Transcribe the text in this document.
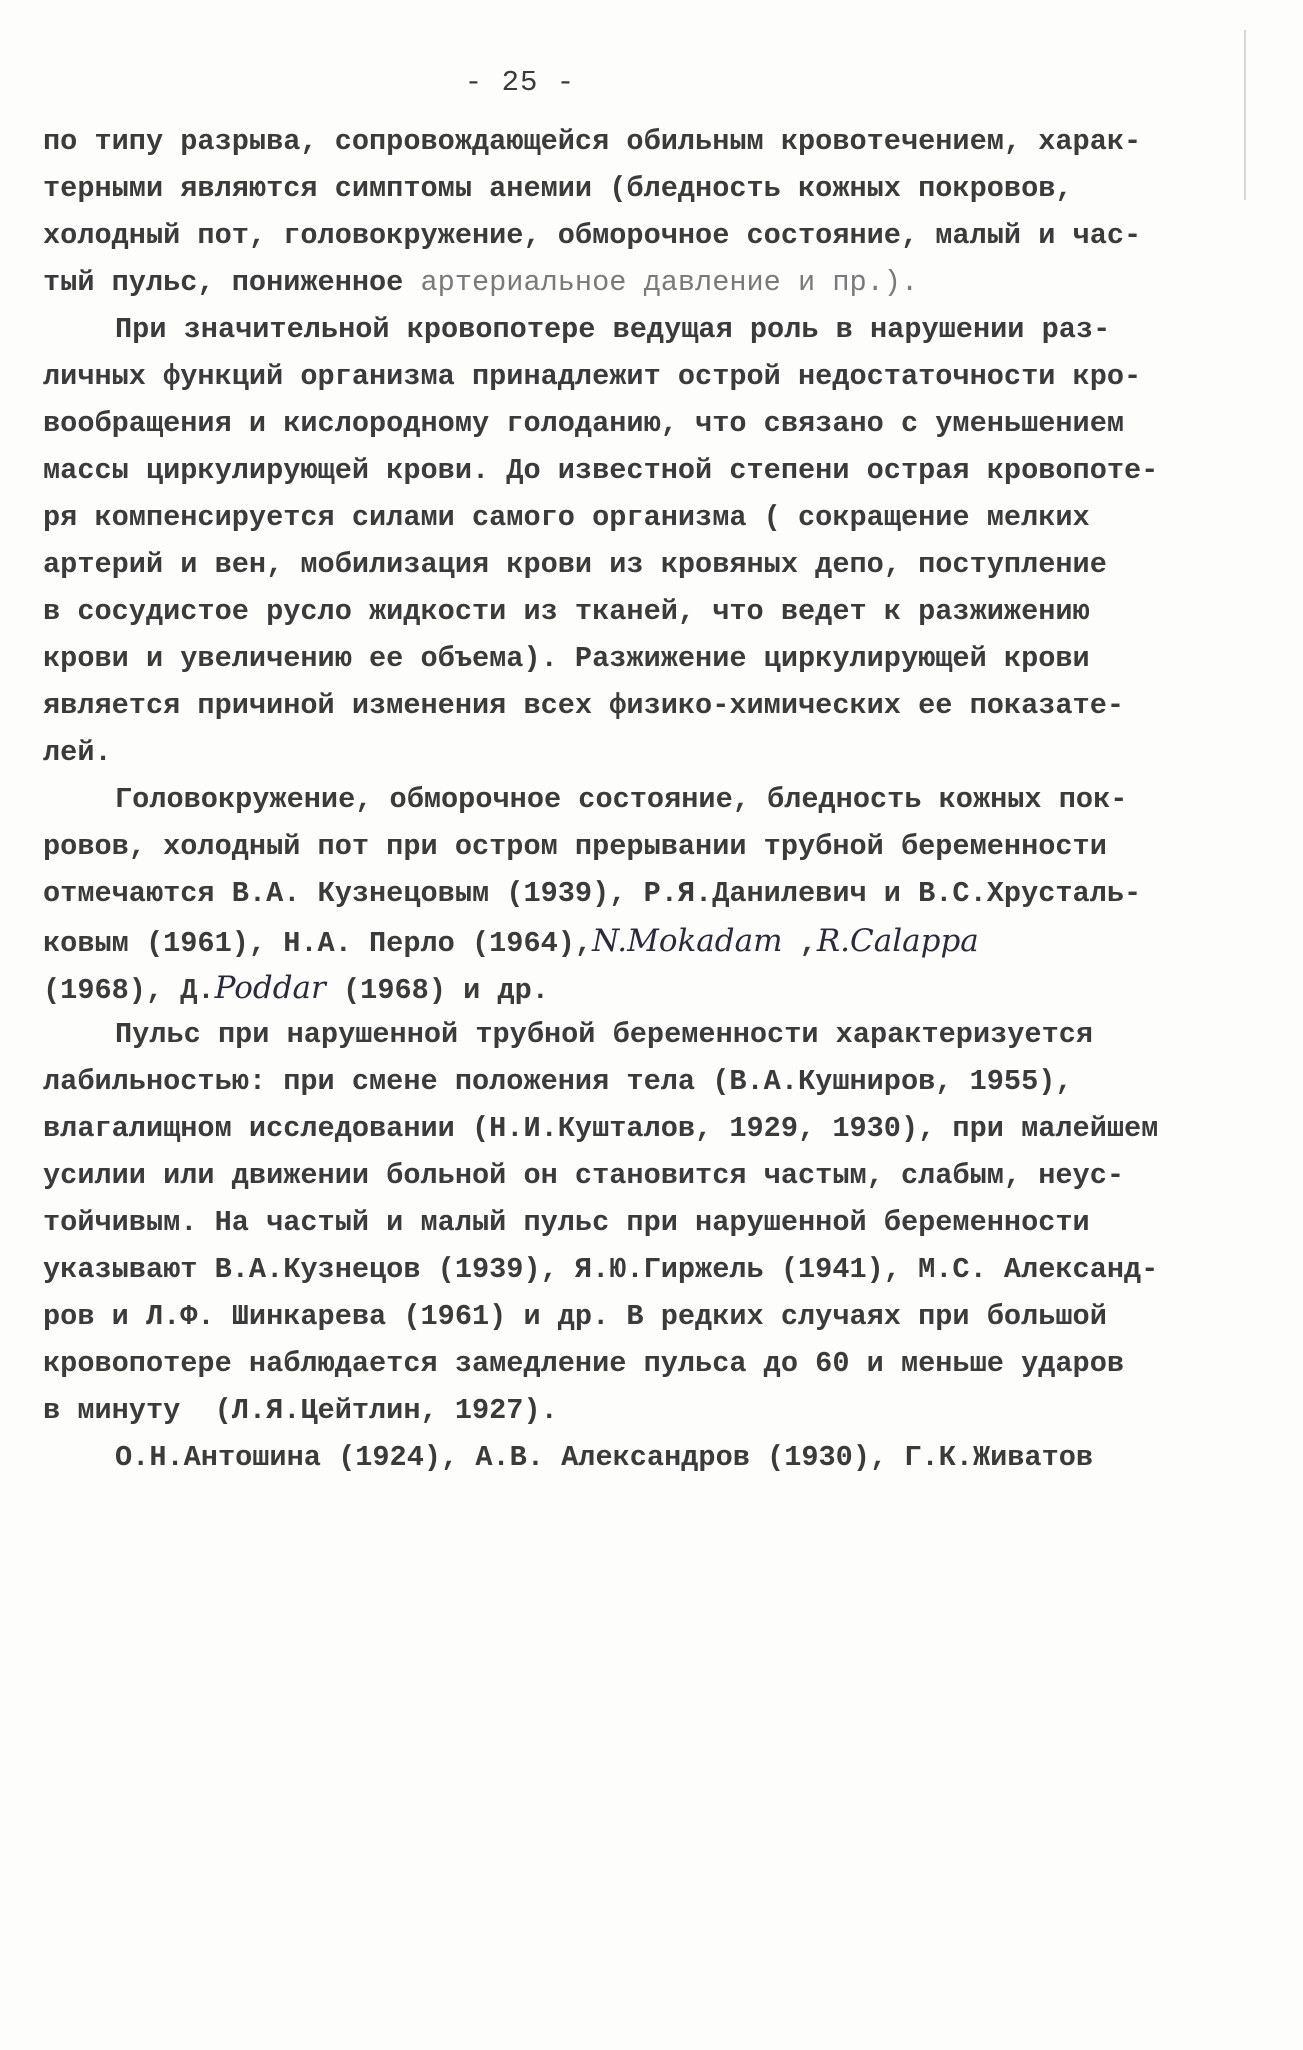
- 25 -
по типу разрыва, сопровождающейся обильным кровотечением, харак-
терными являются симптомы анемии (бледность кожных покровов,
холодный пот, головокружение, обморочное состояние, малый и час-
тый пульс, пониженное артериальное давление и пр.).
При значительной кровопотере ведущая роль в нарушении раз-
личных функций организма принадлежит острой недостаточности кро-
вообращения и кислородному голоданию, что связано с уменьшением
массы циркулирующей крови. До известной степени острая кровопоте-
ря компенсируется силами самого организма ( сокращение мелких
артерий и вен, мобилизация крови из кровяных депо, поступление
в сосудистое русло жидкости из тканей, что ведет к разжижению
крови и увеличению ее объема). Разжижение циркулирующей крови
является причиной изменения всех физико-химических ее показате-
лей.
Головокружение, обморочное состояние, бледность кожных пок-
ровов, холодный пот при остром прерывании трубной беременности
отмечаются В.А. Кузнецовым (1939), Р.Я.Данилевич и В.С.Хрусталь-
ковым (1961), Н.А. Перло (1964),N.Mokadam ,R.Calappa
(1968), Д.Poddar (1968) и др.
Пульс при нарушенной трубной беременности характеризуется
лабильностью: при смене положения тела (В.А.Кушниров, 1955),
влагалищном исследовании (Н.И.Кушталов, 1929, 1930), при малейшем
усилии или движении больной он становится частым, слабым, неус-
тойчивым. На частый и малый пульс при нарушенной беременности
указывают В.А.Кузнецов (1939), Я.Ю.Гиржель (1941), М.С. Александ-
ров и Л.Ф. Шинкарева (1961) и др. В редких случаях при большой
кровопотере наблюдается замедление пульса до 60 и меньше ударов
в минуту  (Л.Я.Цейтлин, 1927).
О.Н.Антошина (1924), А.В. Александров (1930), Г.К.Живатов
